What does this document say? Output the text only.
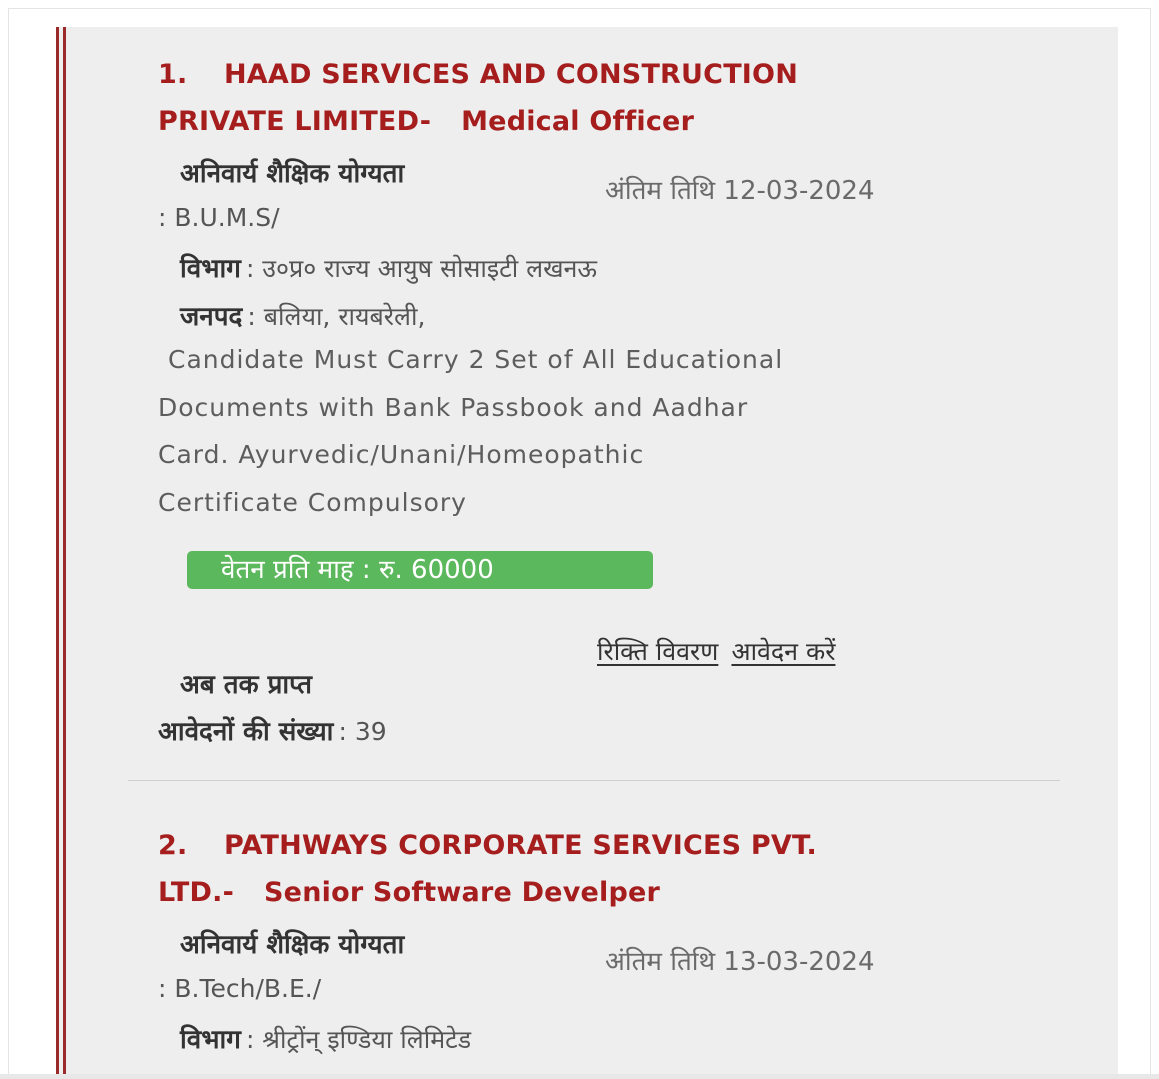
1. HAAD SERVICES AND CONSTRUCTION
PRIVATE LIMITED- Medical Officer
अनिवार्य शैक्षिक योग्यता
अंतिम तिथि 12-03-2024
: B.U.M.S/
विभाग : उ०प्र० राज्य आयुष सोसाइटी लखनऊ
जनपद : बलिया, रायबरेली,
Candidate Must Carry 2 Set of All Educational
Documents with Bank Passbook and Aadhar
Card. Ayurvedic/Unani/Homeopathic
Certificate Compulsory
वेतन प्रति माह : रु. 60000
रिक्ति विवरण आवेदन करें
अब तक प्राप्त
आवेदनों की संख्या : 39
2. PATHWAYS CORPORATE SERVICES PVT.
LTD.- Senior Software Develper
अनिवार्य शैक्षिक योग्यता
अंतिम तिथि 13-03-2024
: B.Tech/B.E./
विभाग : श्रीट्रोंन् इण्डिया लिमिटेड
